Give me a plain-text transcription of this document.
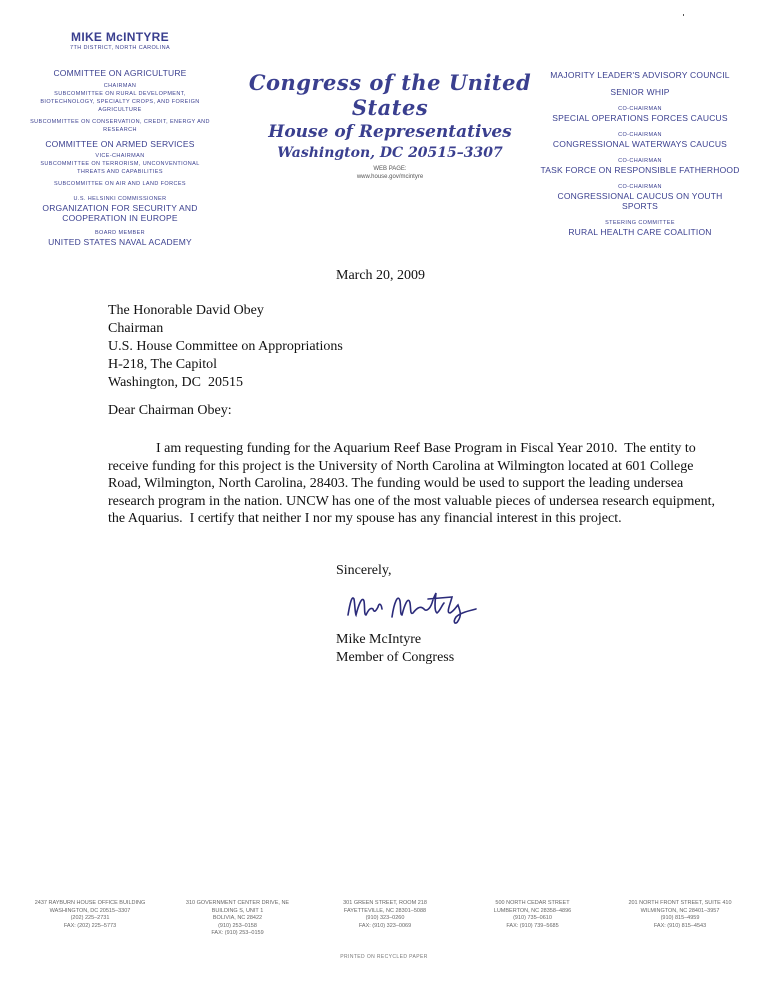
MIKE McINTYRE
7TH DISTRICT, NORTH CAROLINA
COMMITTEE ON AGRICULTURE
CHAIRMAN
SUBCOMMITTEE ON RURAL DEVELOPMENT, BIOTECHNOLOGY, SPECIALTY CROPS, AND FOREIGN AGRICULTURE
SUBCOMMITTEE ON CONSERVATION, CREDIT, ENERGY AND RESEARCH
COMMITTEE ON ARMED SERVICES
VICE-CHAIRMAN
SUBCOMMITTEE ON TERRORISM, UNCONVENTIONAL THREATS AND CAPABILITIES
SUBCOMMITTEE ON AIR AND LAND FORCES
U.S. HELSINKI COMMISSIONER
ORGANIZATION FOR SECURITY AND COOPERATION IN EUROPE
BOARD MEMBER
UNITED STATES NAVAL ACADEMY
Congress of the United States
House of Representatives
Washington, DC 20515–3307
WEB PAGE:
www.house.gov/mcintyre
MAJORITY LEADER'S ADVISORY COUNCIL
SENIOR WHIP
CO-CHAIRMAN
SPECIAL OPERATIONS FORCES CAUCUS
CO-CHAIRMAN
CONGRESSIONAL WATERWAYS CAUCUS
CO-CHAIRMAN
TASK FORCE ON RESPONSIBLE FATHERHOOD
CO-CHAIRMAN
CONGRESSIONAL CAUCUS ON YOUTH SPORTS
STEERING COMMITTEE
RURAL HEALTH CARE COALITION
March 20, 2009
The Honorable David Obey
Chairman
U.S. House Committee on Appropriations
H-218, The Capitol
Washington, DC  20515
Dear Chairman Obey:
I am requesting funding for the Aquarium Reef Base Program in Fiscal Year 2010.  The entity to receive funding for this project is the University of North Carolina at Wilmington located at 601 College Road, Wilmington, North Carolina, 28403. The funding would be used to support the leading undersea research program in the nation. UNCW has one of the most valuable pieces of undersea research equipment, the Aquarius.  I certify that neither I nor my spouse has any financial interest in this project.
Sincerely,
Mike McIntyre
Member of Congress
2437 RAYBURN HOUSE OFFICE BUILDING
WASHINGTON, DC 20515–3307
(202) 225–2731
FAX: (202) 225–5773
310 GOVERNMENT CENTER DRIVE, NE
BUILDING S, UNIT 1
BOLIVIA, NC 28422
(910) 253–0158
FAX: (910) 253–0159
301 GREEN STREET, ROOM 218
FAYETTEVILLE, NC 28301–5088
(910) 323–0260
FAX: (910) 323–0069
500 NORTH CEDAR STREET
LUMBERTON, NC 28358–4896
(910) 735–0610
FAX: (910) 739–5685
201 NORTH FRONT STREET, SUITE 410
WILMINGTON, NC 28401–3957
(910) 815–4959
FAX: (910) 815–4543
PRINTED ON RECYCLED PAPER
